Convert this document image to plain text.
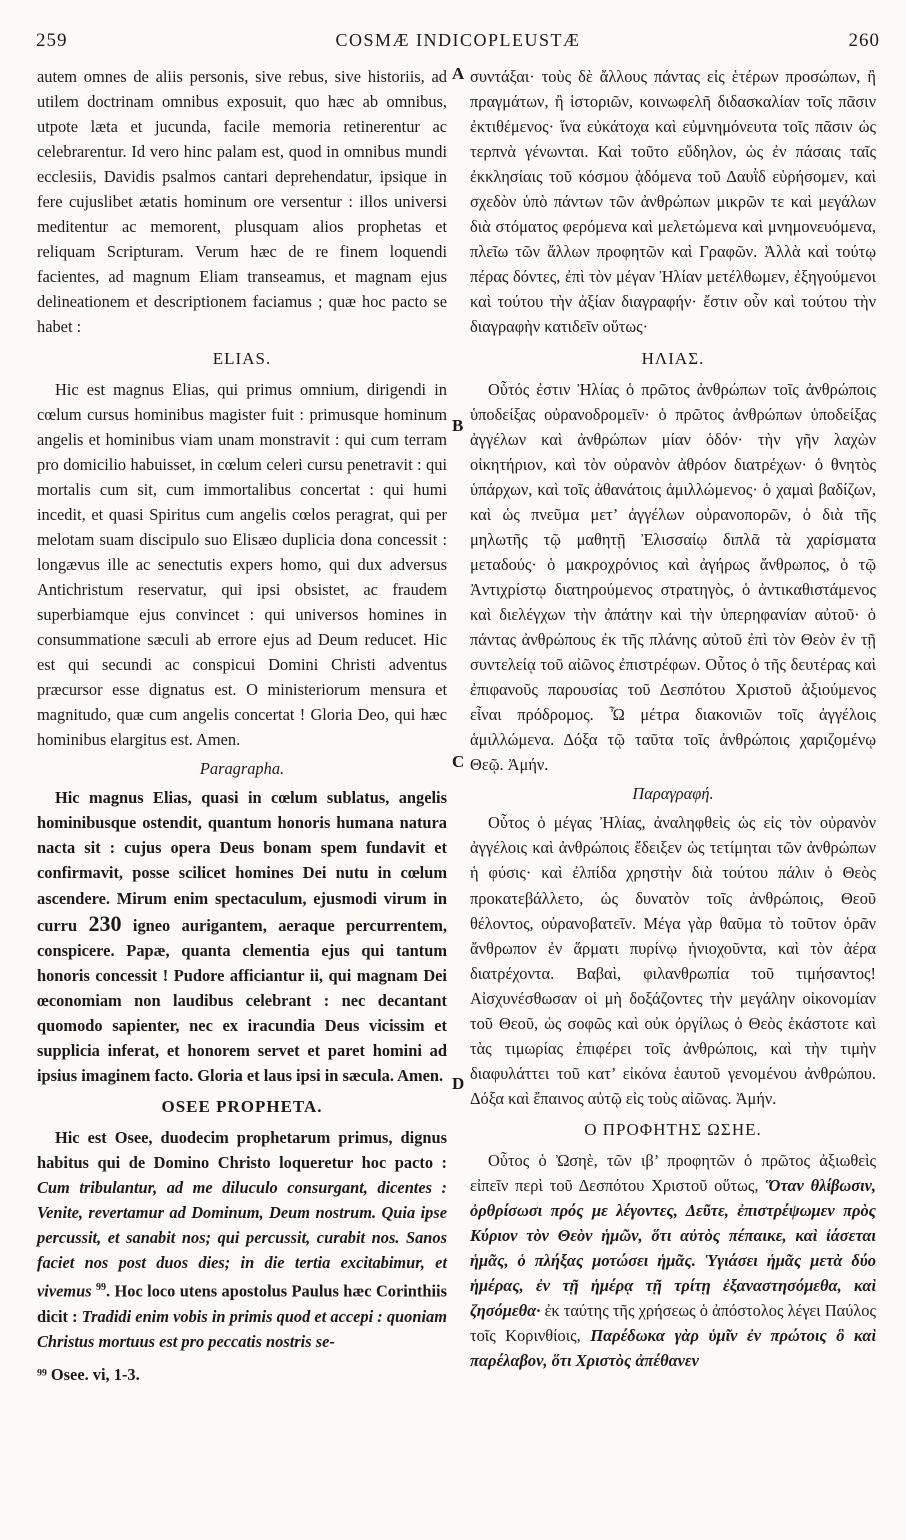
259	COSMÆ INDICOPLEUSTÆ	260
A
B
C
D

autem omnes de aliis personis, sive rebus, sive historiis, ad utilem doctrinam omnibus exposuit, quo hæc ab omnibus, utpote læta et jucunda, facile memoria retinerentur ac celebrarentur. Id vero hinc palam est, quod in omnibus mundi ecclesiis, Davidis psalmos cantari deprehendatur, ipsique in fere cujuslibet ætatis hominum ore versentur : illos universi meditentur ac memorent, plusquam alios prophetas et reliquam Scripturam. Verum hæc de re finem loquendi facientes, ad magnum Eliam transeamus, et magnam ejus delineationem et descriptionem faciamus ; quæ hoc pacto se habet :

ELIAS.

Hic est magnus Elias, qui primus omnium, dirigendi in cœlum cursus hominibus magister fuit : primusque hominum angelis et hominibus viam unam monstravit : qui cum terram pro domicilio habuisset, in cœlum celeri cursu penetravit : qui mortalis cum sit, cum immortalibus concertat : qui humi incedit, et quasi Spiritus cum angelis cœlos peragrat, qui per melotam suam discipulo suo Elisæo duplicia dona concessit : longævus ille ac senectutis expers homo, qui dux adversus Antichristum reservatur, qui ipsi obsistet, ac fraudem superbiamque ejus convincet : qui universos homines in consummatione sæculi ab errore ejus ad Deum reducet. Hic est qui secundi ac conspicui Domini Christi adventus præcursor esse dignatus est. O ministeriorum mensura et magnitudo, quæ cum angelis concertat ! Gloria Deo, qui hæc hominibus elargitus est. Amen.

Paragrapha.

Hic magnus Elias, quasi in cœlum sublatus, angelis hominibusque ostendit, quantum honoris humana natura nacta sit : cujus opera Deus bonam spem fundavit et confirmavit, posse scilicet homines Dei nutu in cœlum ascendere. Mirum enim spectaculum, ejusmodi virum in curru 230 igneo aurigantem, aeraque percurrentem, conspicere. Papæ, quanta clementia ejus qui tantum honoris concessit ! Pudore afficiantur ii, qui magnam Dei œconomiam non laudibus celebrant : nec decantant quomodo sapienter, nec ex iracundia Deus vicissim et supplicia inferat, et honorem servet et paret homini ad ipsius imaginem facto. Gloria et laus ipsi in sæcula. Amen.

OSEE PROPHETA.

Hic est Osee, duodecim prophetarum primus, dignus habitus qui de Domino Christo loqueretur hoc pacto : Cum tribulantur, ad me diluculo consurgant, dicentes : Venite, revertamur ad Dominum, Deum nostrum. Quia ipse percussit, et sanabit nos; qui percussit, curabit nos. Sanos faciet nos post duos dies; in die tertia excitabimur, et vivemus $^{99}$. Hoc loco utens apostolus Paulus hæc Corinthiis dicit : Tradidi enim vobis in primis quod et accepi : quoniam Christus mortuus est pro peccatis nostris se-

⁹⁹ Osee. vi, 1-3.

συντάξαι· τοὺς δὲ ἄλλους πάντας εἰς ἑτέρων προσώπων, ἢ πραγμάτων, ἢ ἱστοριῶν, κοινωφελῆ διδασκαλίαν τοῖς πᾶσιν ἐκτιθέμενος· ἵνα εὐκάτοχα καὶ εὐμνημόνευτα τοῖς πᾶσιν ὡς τερπνὰ γένωνται. Καὶ τοῦτο εὔδηλον, ὡς ἐν πάσαις ταῖς ἐκκλησίαις τοῦ κόσμου ᾀδόμενα τοῦ Δαυῒδ εὑρήσομεν, καὶ σχεδὸν ὑπὸ πάντων τῶν ἀνθρώπων μικρῶν τε καὶ μεγάλων διὰ στόματος φερόμενα καὶ μελετώμενα καὶ μνημονευόμενα, πλεῖω τῶν ἄλλων προφητῶν καὶ Γραφῶν. Ἀλλὰ καὶ τούτῳ πέρας δόντες, ἐπὶ τὸν μέγαν Ἠλίαν μετέλθωμεν, ἐξηγούμενοι καὶ τούτου τὴν ἀξίαν διαγραφήν· ἔστιν οὖν καὶ τούτου τὴν διαγραφὴν κατιδεῖν οὕτως·

ΗΛΙΑΣ.

Οὗτός ἐστιν Ἠλίας ὁ πρῶτος ἀνθρώπων τοῖς ἀνθρώποις ὑποδείξας οὐρανοδρομεῖν· ὁ πρῶτος ἀνθρώπων ὑποδείξας ἀγγέλων καὶ ἀνθρώπων μίαν ὁδόν· τὴν γῆν λαχὼν οἰκητήριον, καὶ τὸν οὐρανὸν ἀθρόον διατρέχων· ὁ θνητὸς ὑπάρχων, καὶ τοῖς ἀθανάτοις ἁμιλλώμενος· ὁ χαμαὶ βαδίζων, καὶ ὡς πνεῦμα μετ’ ἀγγέλων οὐρανοπορῶν, ὁ διὰ τῆς μηλωτῆς τῷ μαθητῇ Ἐλισσαίῳ διπλᾶ τὰ χαρίσματα μεταδούς· ὁ μακροχρόνιος καὶ ἀγήρως ἄνθρωπος, ὁ τῷ Ἀντιχρίστῳ διατηρούμενος στρατηγὸς, ὁ ἀντικαθιστάμενος καὶ διελέγχων τὴν ἀπάτην καὶ τὴν ὑπερηφανίαν αὐτοῦ· ὁ πάντας ἀνθρώπους ἐκ τῆς πλάνης αὐτοῦ ἐπὶ τὸν Θεὸν ἐν τῇ συντελείᾳ τοῦ αἰῶνος ἐπιστρέφων. Οὗτος ὁ τῆς δευτέρας καὶ ἐπιφανοῦς παρουσίας τοῦ Δεσπότου Χριστοῦ ἀξιούμενος εἶναι πρόδρομος. Ὦ μέτρα διακονιῶν τοῖς ἀγγέλοις ἁμιλλώμενα. Δόξα τῷ ταῦτα τοῖς ἀνθρώποις χαριζομένῳ Θεῷ. Ἀμήν.

Παραγραφή.

Οὗτος ὁ μέγας Ἠλίας, ἀναληφθεὶς ὡς εἰς τὸν οὐρανὸν ἀγγέλοις καὶ ἀνθρώποις ἔδειξεν ὡς τετίμηται τῶν ἀνθρώπων ἡ φύσις· καὶ ἐλπίδα χρηστὴν διὰ τούτου πάλιν ὁ Θεὸς προκατεβάλλετο, ὡς δυνατὸν τοῖς ἀνθρώποις, Θεοῦ θέλοντος, οὐρανοβατεῖν. Μέγα γὰρ θαῦμα τὸ τοῦτον ὁρᾶν ἄνθρωπον ἐν ἅρματι πυρίνῳ ἡνιοχοῦντα, καὶ τὸν ἀέρα διατρέχοντα. Βαβαὶ, φιλανθρωπία τοῦ τιμήσαντος! Αἰσχυνέσθωσαν οἱ μὴ δοξάζοντες τὴν μεγάλην οἰκονομίαν τοῦ Θεοῦ, ὡς σοφῶς καὶ οὐκ ὀργίλως ὁ Θεὸς ἑκάστοτε καὶ τὰς τιμωρίας ἐπιφέρει τοῖς ἀνθρώποις, καὶ τὴν τιμὴν διαφυλάττει τοῦ κατ’ εἰκόνα ἑαυτοῦ γενομένου ἀνθρώπου. Δόξα καὶ ἔπαινος αὐτῷ εἰς τοὺς αἰῶνας. Ἀμήν.

Ο ΠΡΟΦΗΤΗΣ ΩΣΗΕ.

Οὗτος ὁ Ὠσηὲ, τῶν ιβ’ προφητῶν ὁ πρῶτος ἀξιωθεὶς εἰπεῖν περὶ τοῦ Δεσπότου Χριστοῦ οὕτως, Ὅταν θλίβωσιν, ὀρθρίσωσι πρός με λέγοντες, Δεῦτε, ἐπιστρέψωμεν πρὸς Κύριον τὸν Θεὸν ἡμῶν, ὅτι αὐτὸς πέπαικε, καὶ ἰάσεται ἡμᾶς, ὁ πλήξας μοτώσει ἡμᾶς. Ὑγιάσει ἡμᾶς μετὰ δύο ἡμέρας, ἐν τῇ ἡμέρᾳ τῇ τρίτῃ ἐξαναστησόμεθα, καὶ ζησόμεθα· ἐκ ταύτης τῆς χρήσεως ὁ ἀπόστολος λέγει Παύλος τοῖς Κορινθίοις, Παρέδωκα γὰρ ὑμῖν ἐν πρώτοις ὃ καὶ παρέλαβον, ὅτι Χριστὸς ἀπέθανεν
